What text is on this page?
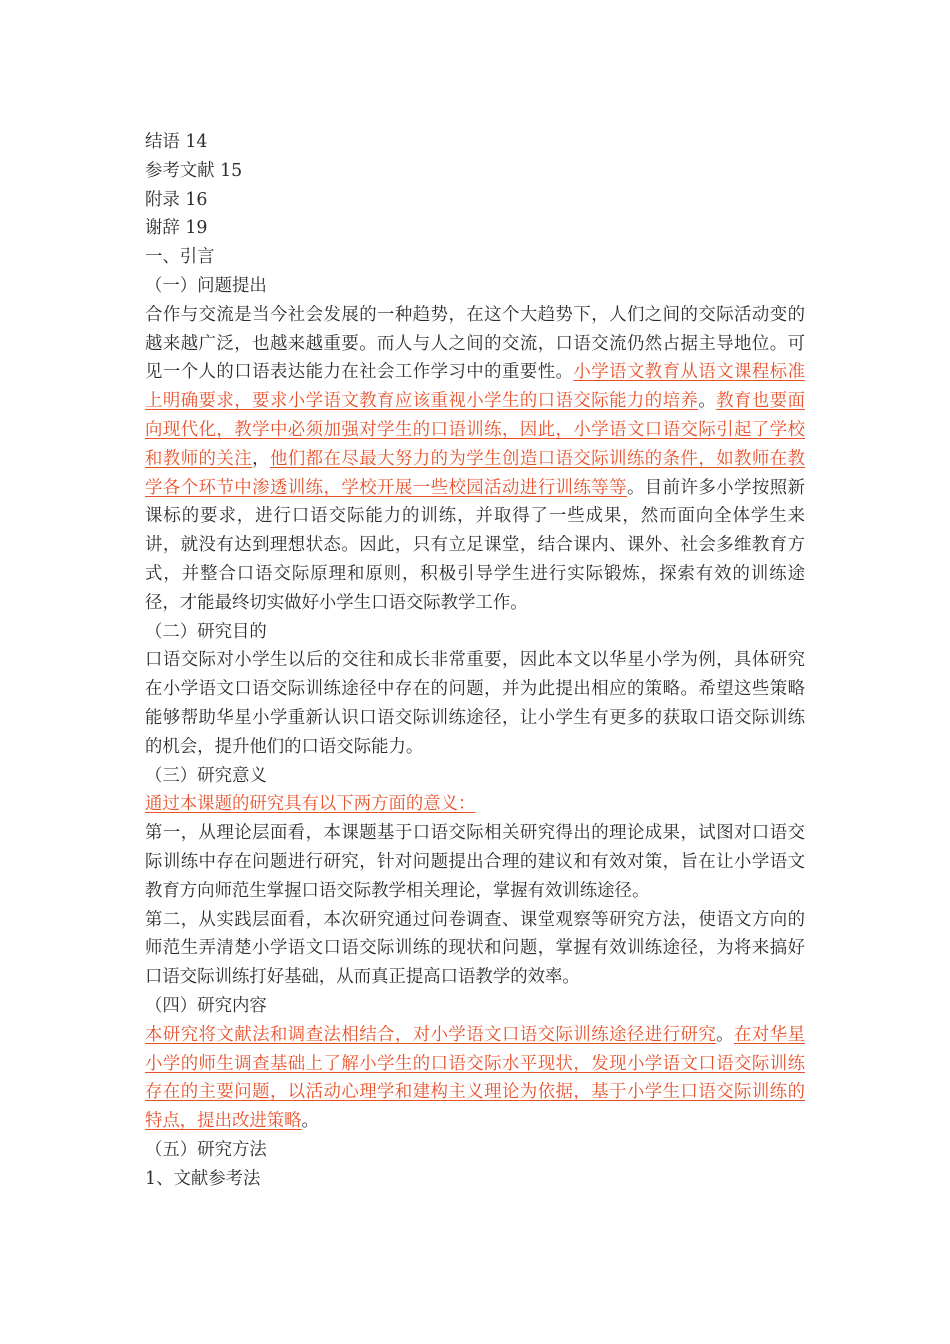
结语 14
参考文献 15
附录 16
谢辞 19
一、引言
（一）问题提出
合作与交流是当今社会发展的一种趋势，在这个大趋势下，人们之间的交际活动变的越来越广泛，也越来越重要。而人与人之间的交流，口语交流仍然占据主导地位。可见一个人的口语表达能力在社会工作学习中的重要性。小学语文教育从语文课程标准上明确要求，要求小学语文教育应该重视小学生的口语交际能力的培养。教育也要面向现代化，教学中必须加强对学生的口语训练，因此，小学语文口语交际引起了学校和教师的关注，他们都在尽最大努力的为学生创造口语交际训练的条件，如教师在教学各个环节中渗透训练，学校开展一些校园活动进行训练等等。目前许多小学按照新课标的要求，进行口语交际能力的训练，并取得了一些成果，然而面向全体学生来讲，就没有达到理想状态。因此，只有立足课堂，结合课内、课外、社会多维教育方式，并整合口语交际原理和原则，积极引导学生进行实际锻炼，探索有效的训练途径，才能最终切实做好小学生口语交际教学工作。
（二）研究目的
口语交际对小学生以后的交往和成长非常重要，因此本文以华星小学为例，具体研究在小学语文口语交际训练途径中存在的问题，并为此提出相应的策略。希望这些策略能够帮助华星小学重新认识口语交际训练途径，让小学生有更多的获取口语交际训练的机会，提升他们的口语交际能力。
（三）研究意义
通过本课题的研究具有以下两方面的意义：
第一，从理论层面看，本课题基于口语交际相关研究得出的理论成果，试图对口语交际训练中存在问题进行研究，针对问题提出合理的建议和有效对策，旨在让小学语文教育方向师范生掌握口语交际教学相关理论，掌握有效训练途径。
第二，从实践层面看，本次研究通过问卷调查、课堂观察等研究方法，使语文方向的师范生弄清楚小学语文口语交际训练的现状和问题，掌握有效训练途径，为将来搞好口语交际训练打好基础，从而真正提高口语教学的效率。
（四）研究内容
本研究将文献法和调查法相结合，对小学语文口语交际训练途径进行研究。在对华星小学的师生调查基础上了解小学生的口语交际水平现状，发现小学语文口语交际训练存在的主要问题，以活动心理学和建构主义理论为依据，基于小学生口语交际训练的特点，提出改进策略。
（五）研究方法
1、文献参考法
